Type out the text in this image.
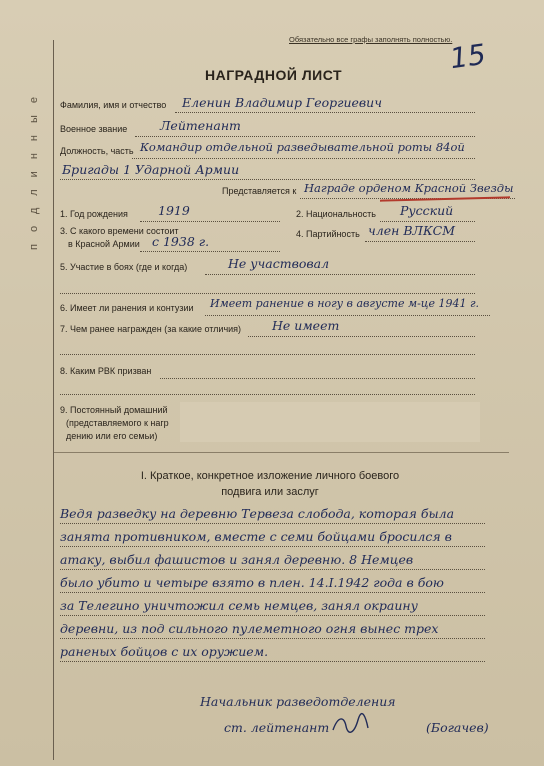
подлинные
Обязательно все графы заполнять полностью.
15
НАГРАДНОЙ ЛИСТ
Фамилия, имя и отчество Еленин Владимир Георгиевич
Военное звание	Лейтенант
Должность, часть Командир отдельной разведывательной роты 84ой
Бригады 1 Ударной Армии
Представляется к Награде орденом Красной Звезды
1. Год рождения 1919	2. Национальность Русский
3. С какого времени состоит
в Красной Армии с 1938 г.	4. Партийность член ВЛКСМ
5. Участие в боях (где и когда)	Не участвовал
6. Имеет ли ранения и контузии Имеет ранение в ногу в августе м-це 1941 г.
7. Чем ранее награжден (за какие отличия) Не имеет
8. Каким РВК призван
9. Постоянный домашний
(представляемого к нагр
дению или его семьи)
I. Краткое, конкретное изложение личного боевого
подвига или заслуг
Ведя разведку на деревню Тервеза слобода, которая была
занята противником, вместе с семи бойцами бросился в
атаку, выбил фашистов и занял деревню. 8 Немцев
было убито и четыре взято в плен. 14.I.1942 года в бою
за Телегино уничтожил семь немцев, занял окраину
деревни, из под сильного пулеметного огня вынес трех
раненых бойцов с их оружием.
Начальник разведотделения
ст. лейтенант	(Богачев)
